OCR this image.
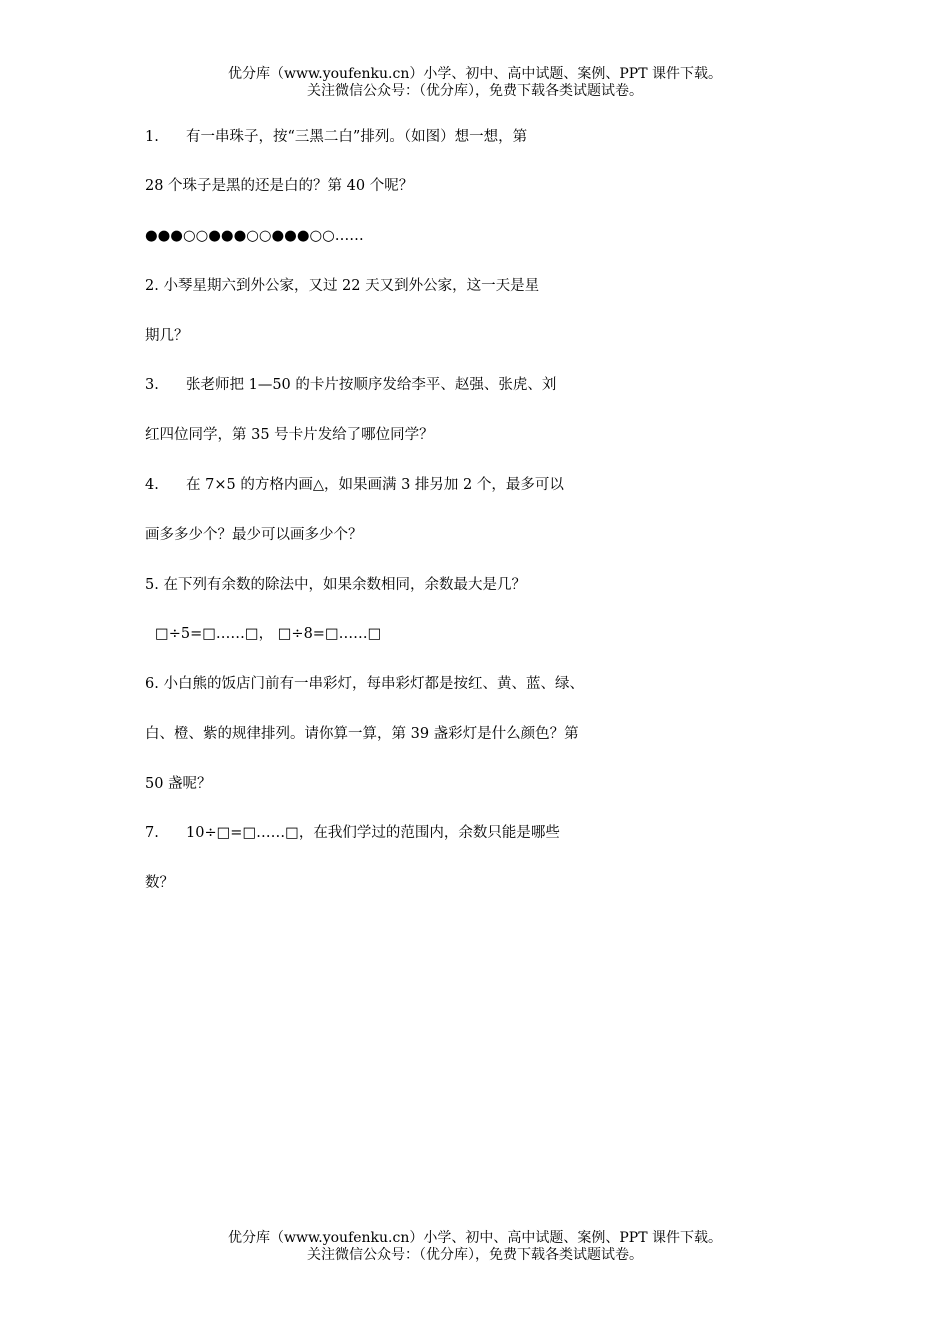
优分库（www.youfenku.cn）小学、初中、高中试题、案例、PPT 课件下载。
关注微信公众号：（优分库），免费下载各类试题试卷。
1. 有一串珠子，按“三黑二白”排列。（如图）想一想，第
28 个珠子是黑的还是白的？第 40 个呢？
●●●○○●●●○○●●●○○……
2. 小琴星期六到外公家，又过 22 天又到外公家，这一天是星
期几？
3. 张老师把 1—50 的卡片按顺序发给李平、赵强、张虎、刘
红四位同学，第 35 号卡片发给了哪位同学？
4. 在 7×5 的方格内画△，如果画满 3 排另加 2 个，最多可以
画多多少个？最少可以画多少个？
5. 在下列有余数的除法中，如果余数相同，余数最大是几？
□÷5=□……□， □÷8=□……□
6. 小白熊的饭店门前有一串彩灯，每串彩灯都是按红、黄、蓝、绿、
白、橙、紫的规律排列。请你算一算，第 39 盏彩灯是什么颜色？第
50 盏呢？
7. 10÷□=□……□，在我们学过的范围内，余数只能是哪些
数？
优分库（www.youfenku.cn）小学、初中、高中试题、案例、PPT 课件下载。
关注微信公众号：（优分库），免费下载各类试题试卷。
